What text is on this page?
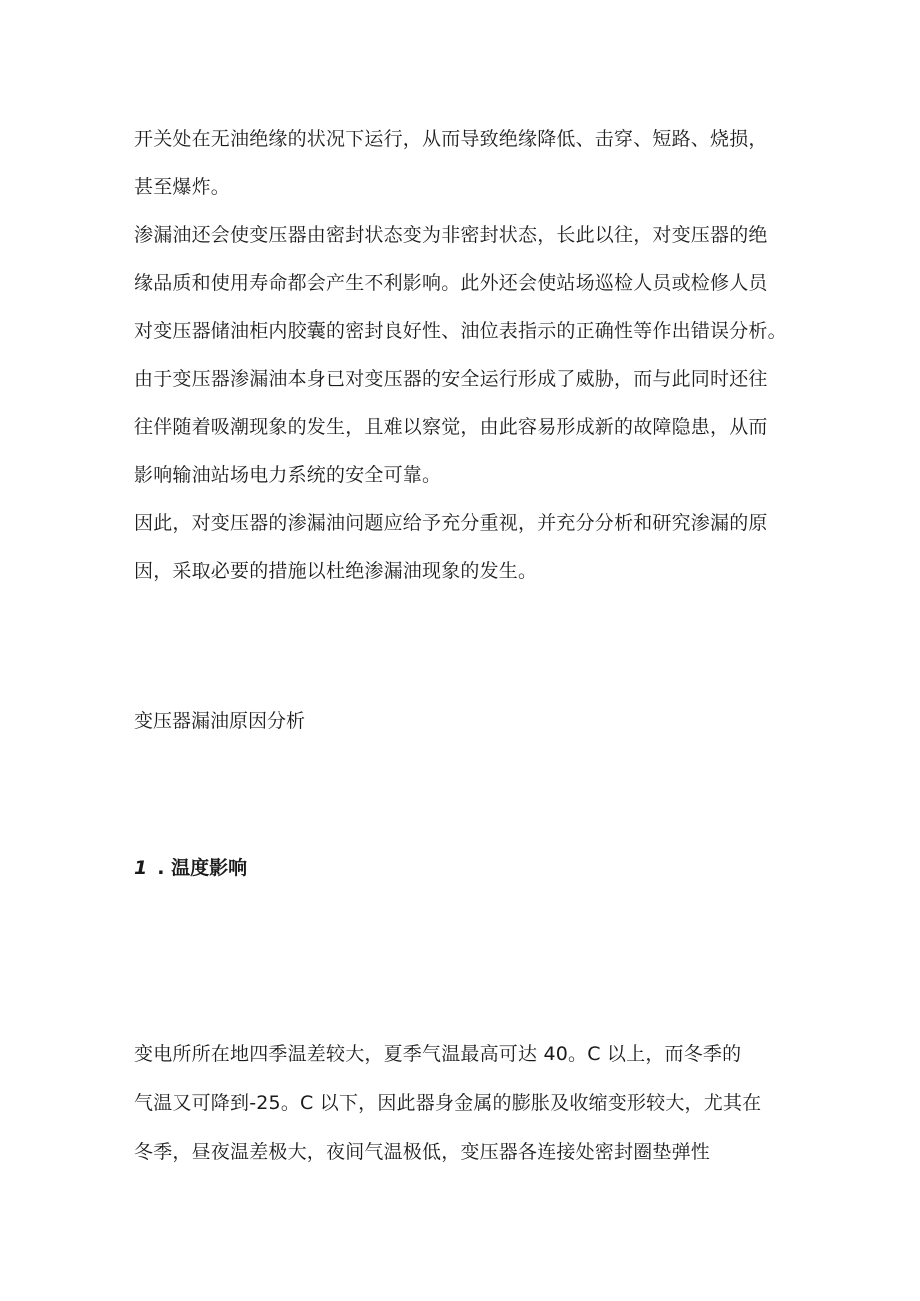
开关处在无油绝缘的状况下运行，从而导致绝缘降低、击穿、短路、烧损，
甚至爆炸。
渗漏油还会使变压器由密封状态变为非密封状态，长此以往，对变压器的绝
缘品质和使用寿命都会产生不利影响。此外还会使站场巡检人员或检修人员
对变压器储油柜内胶囊的密封良好性、油位表指示的正确性等作出错误分析。
由于变压器渗漏油本身已对变压器的安全运行形成了威胁，而与此同时还往
往伴随着吸潮现象的发生，且难以察觉，由此容易形成新的故障隐患，从而
影响输油站场电力系统的安全可靠。
因此，对变压器的渗漏油问题应给予充分重视，并充分分析和研究渗漏的原
因，采取必要的措施以杜绝渗漏油现象的发生。
变压器漏油原因分析
1 . 温度影响
变电所所在地四季温差较大，夏季气温最高可达 40。C 以上，而冬季的
气温又可降到-25。C 以下，因此器身金属的膨胀及收缩变形较大，尤其在
冬季，昼夜温差极大，夜间气温极低，变压器各连接处密封圈垫弹性
